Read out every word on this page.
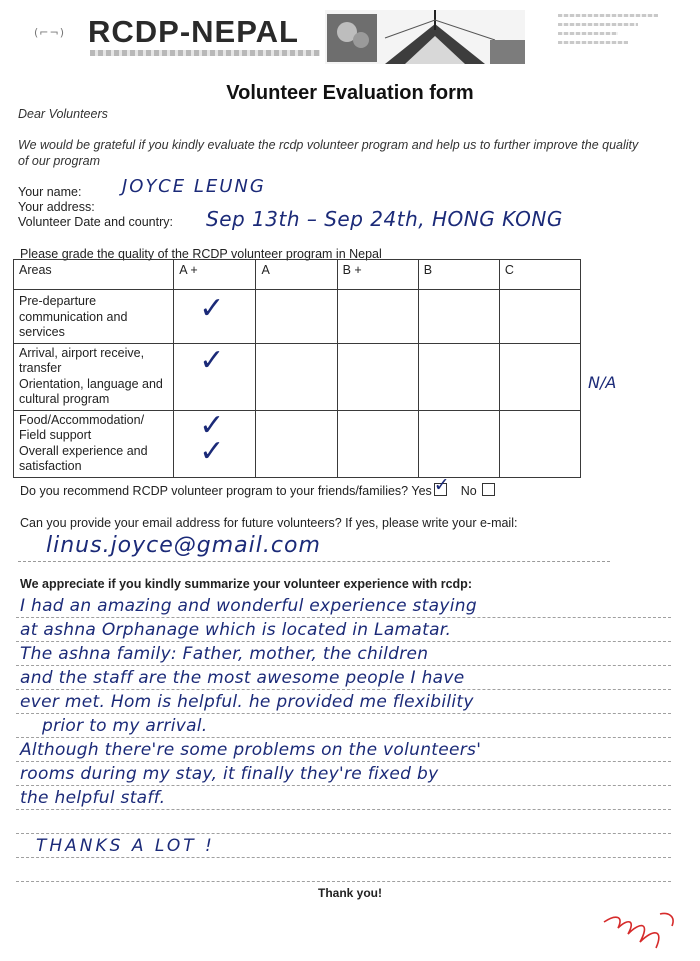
(⌐¬) RCDP-NEPAL
Volunteer Evaluation form
Dear Volunteers
We would be grateful if you kindly evaluate the rcdp volunteer program and help us to further improve the quality of our program
Your name: JOYCE LEUNG
Your address:
Volunteer Date and country: Sep 13th – Sep 24th, HONG KONG
Please grade the quality of the RCDP volunteer program in Nepal
Areas	A +	A	B +	B	C

Pre-departure communication and services	✓				

Arrival, airport receive, transfer
Orientation, language and cultural program	✓				

Food/Accommodation/ Field support
Overall experience and satisfaction	✓
✓				

N/A
Do you recommend RCDP volunteer program to your friends/families? Yes ✓ No
Can you provide your email address for future volunteers? If yes, please write your e-mail:
linus.joyce@gmail.com
We appreciate if you kindly summarize your volunteer experience with rcdp:
I had an amazing and wonderful experience staying
at ashna Orphanage which is located in Lamatar.
The ashna family: Father, mother, the children
and the staff are the most awesome people I have
ever met. Hom is helpful. he provided me flexibility
prior to my arrival.
Although there're some problems on the volunteers'
rooms during my stay, it finally they're fixed by
the helpful staff.
THANKS A LOT !
Thank you!
